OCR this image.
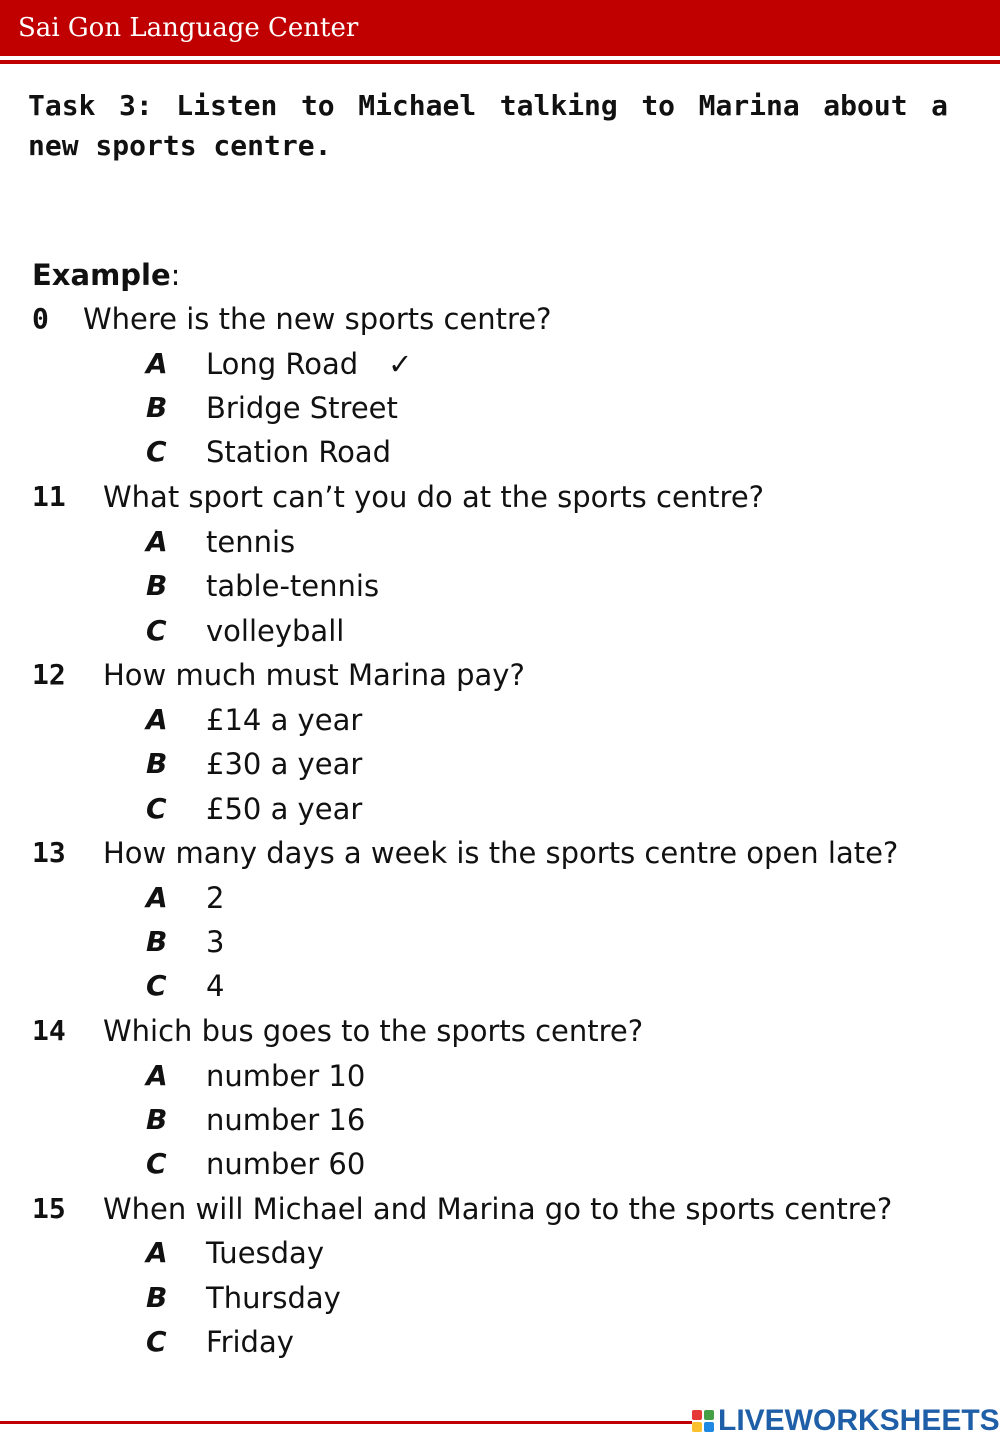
Sai Gon Language Center
Task 3: Listen to Michael talking to Marina about a new sports centre.
Example:
0 Where is the new sports centre?
A Long Road ✓
B Bridge Street
C Station Road
11 What sport can’t you do at the sports centre?
A tennis
B table-tennis
C volleyball
12 How much must Marina pay?
A £14 a year
B £30 a year
C £50 a year
13 How many days a week is the sports centre open late?
A 2
B 3
C 4
14 Which bus goes to the sports centre?
A number 10
B number 16
C number 60
15 When will Michael and Marina go to the sports centre?
A Tuesday
B Thursday
C Friday
LIVEWORKSHEETS
